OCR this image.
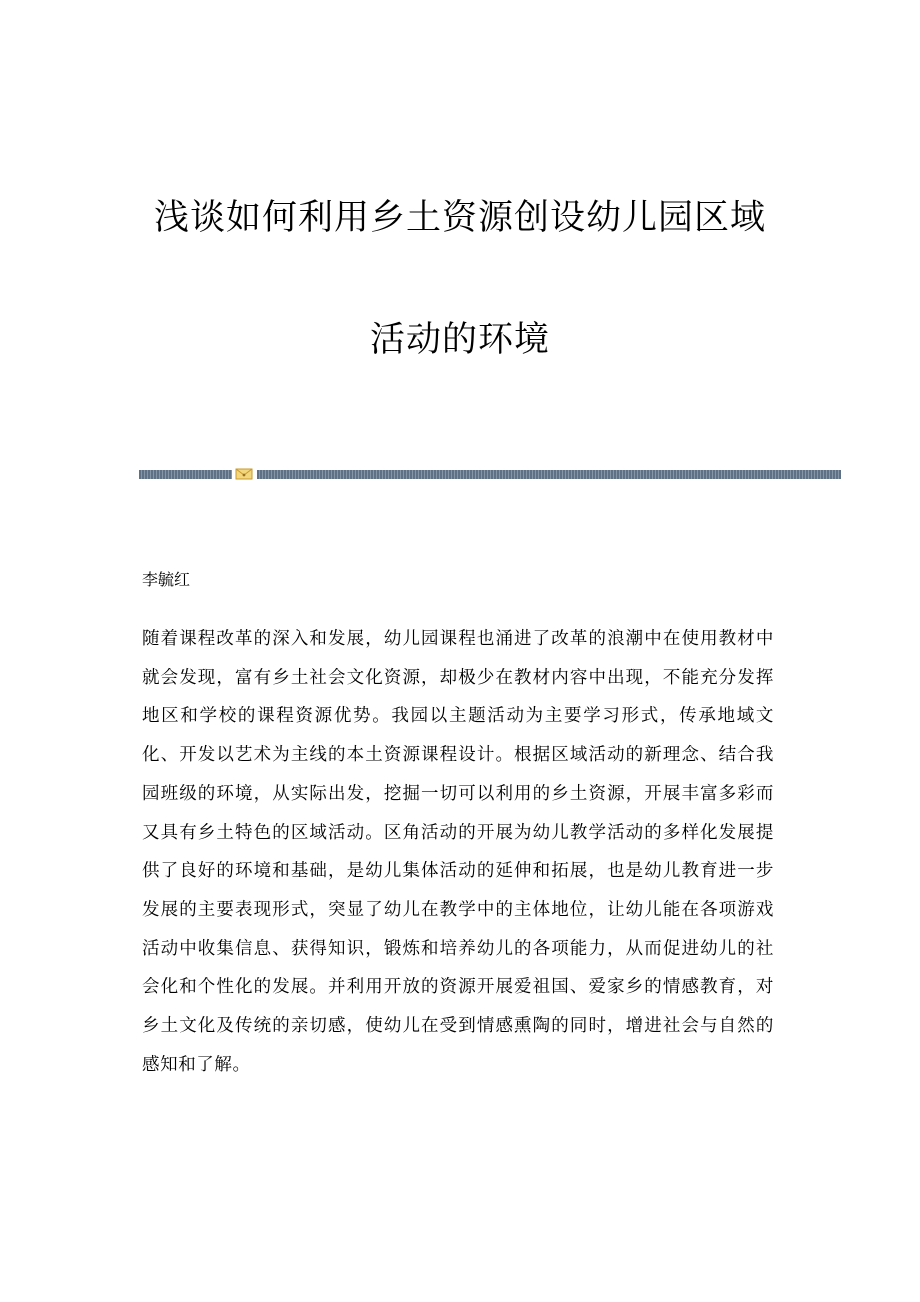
浅谈如何利用乡土资源创设幼儿园区域
活动的环境
李毓红

随着课程改革的深入和发展，幼儿园课程也涌进了改革的浪潮中在使用教材中就会发现，富有乡土社会文化资源，却极少在教材内容中出现，不能充分发挥地区和学校的课程资源优势。我园以主题活动为主要学习形式，传承地域文化、开发以艺术为主线的本土资源课程设计。根据区域活动的新理念、结合我园班级的环境，从实际出发，挖掘一切可以利用的乡土资源，开展丰富多彩而又具有乡土特色的区域活动。区角活动的开展为幼儿教学活动的多样化发展提供了良好的环境和基础，是幼儿集体活动的延伸和拓展，也是幼儿教育进一步发展的主要表现形式，突显了幼儿在教学中的主体地位，让幼儿能在各项游戏活动中收集信息、获得知识，锻炼和培养幼儿的各项能力，从而促进幼儿的社会化和个性化的发展。并利用开放的资源开展爱祖国、爱家乡的情感教育，对乡土文化及传统的亲切感，使幼儿在受到情感熏陶的同时，增进社会与自然的感知和了解。
